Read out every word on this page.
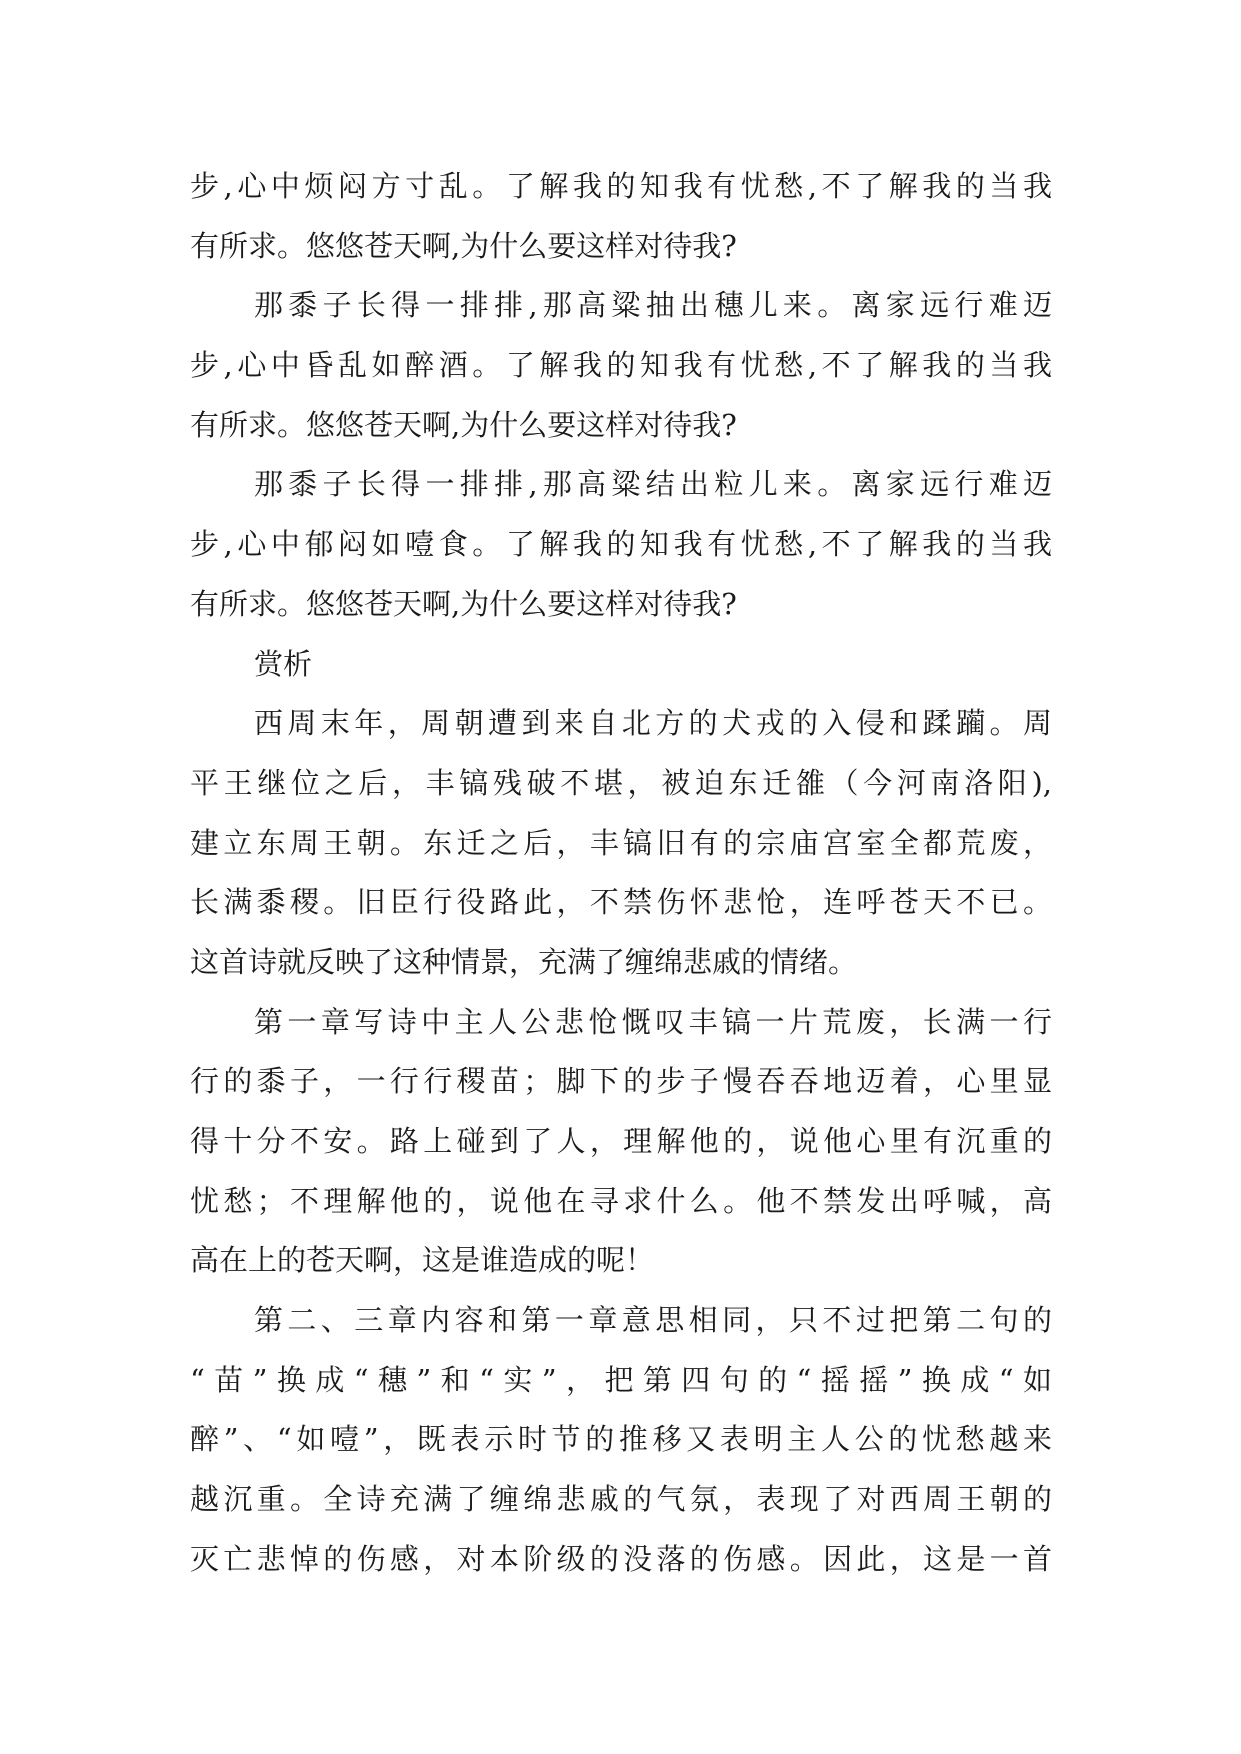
步,心中烦闷方寸乱。了解我的知我有忧愁,不了解我的当我
有所求。悠悠苍天啊,为什么要这样对待我?
那黍子长得一排排,那高粱抽出穗儿来。离家远行难迈
步,心中昏乱如醉酒。了解我的知我有忧愁,不了解我的当我
有所求。悠悠苍天啊,为什么要这样对待我?
那黍子长得一排排,那高粱结出粒儿来。离家远行难迈
步,心中郁闷如噎食。了解我的知我有忧愁,不了解我的当我
有所求。悠悠苍天啊,为什么要这样对待我?
赏析
西周末年，周朝遭到来自北方的犬戎的入侵和蹂躏。周
平王继位之后，丰镐残破不堪，被迫东迁雒（今河南洛阳),
建立东周王朝。东迁之后，丰镐旧有的宗庙宫室全都荒废，
长满黍稷。旧臣行役路此，不禁伤怀悲怆，连呼苍天不已。
这首诗就反映了这种情景，充满了缠绵悲戚的情绪。
第一章写诗中主人公悲怆慨叹丰镐一片荒废，长满一行
行的黍子，一行行稷苗；脚下的步子慢吞吞地迈着，心里显
得十分不安。路上碰到了人，理解他的，说他心里有沉重的
忧愁；不理解他的，说他在寻求什么。他不禁发出呼喊，高
高在上的苍天啊，这是谁造成的呢！
第二、三章内容和第一章意思相同，只不过把第二句的
“苗”换成“穗”和“实”，把第四句的“摇摇”换成“如
醉”、“如噎”，既表示时节的推移又表明主人公的忧愁越来
越沉重。全诗充满了缠绵悲戚的气氛，表现了对西周王朝的
灭亡悲悼的伤感，对本阶级的没落的伤感。因此，这是一首
